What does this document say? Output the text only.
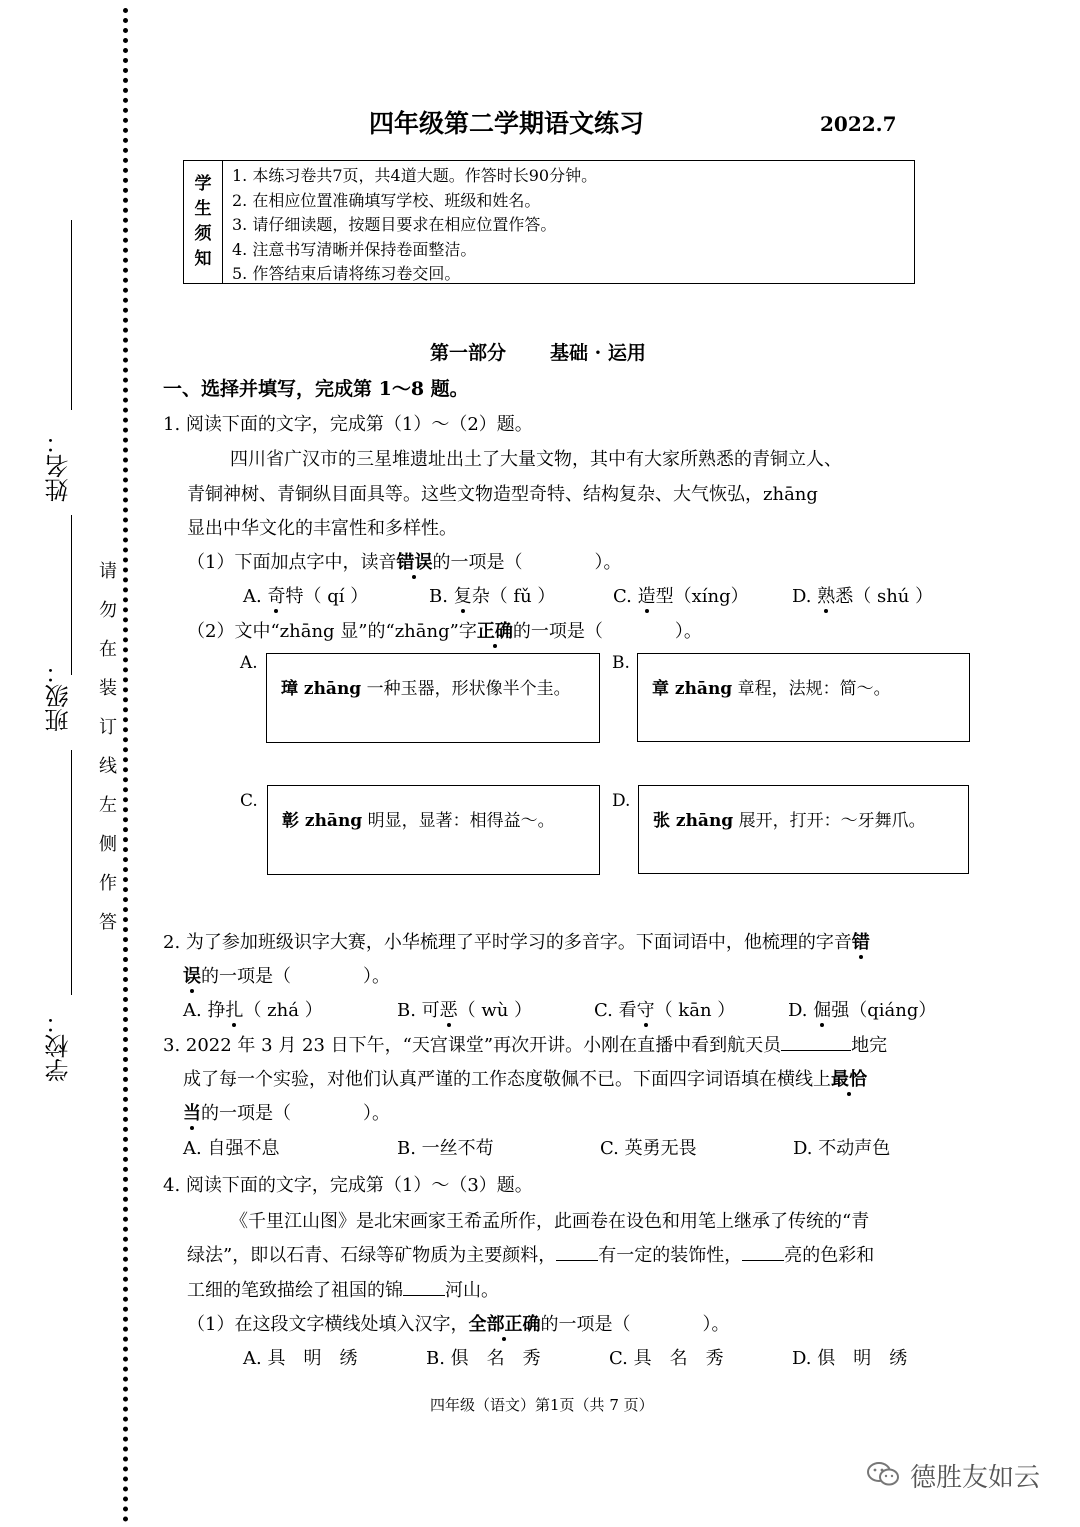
姓名：
班级：
学校：
请
勿
在
装
订
线
左
侧
作
答
四年级第二学期语文练习	2022.7
学
生
须
知
1. 本练习卷共7页，共4道大题。作答时长90分钟。
2. 在相应位置准确填写学校、班级和姓名。
3. 请仔细读题，按题目要求在相应位置作答。
4. 注意书写清晰并保持卷面整洁。
5. 作答结束后请将练习卷交回。
第一部分 基础 · 运用
一、选择并填写，完成第 1～8 题。
1. 阅读下面的文字，完成第（1）～（2）题。
四川省广汉市的三星堆遗址出土了大量文物，其中有大家所熟悉的青铜立人、
青铜神树、青铜纵目面具等。这些文物造型奇特、结构复杂、大气恢弘，zhāng
显出中华文化的丰富性和多样性。
（1）下面加点字中，读音错误的一项是（　　　　）。
A. 奇特（ qí ）	B. 复杂（ fǔ ）	C. 造型（xíng） D. 熟悉（ shú ）
（2）文中“zhāng 显”的“zhāng”字正确的一项是（　　　　）。
A.
璋 zhāng 一种玉器，形状像半个圭。
B.
章 zhāng 章程，法规：简～。
C.
彰 zhāng 明显，显著：相得益～。
D.
张 zhāng 展开，打开：～牙舞爪。
2. 为了参加班级识字大赛，小华梳理了平时学习的多音字。下面词语中，他梳理的字音错
误的一项是（　　　　）。
A. 挣扎（ zhá ）	B. 可恶（ wù ）	C. 看守（ kān ）	D. 倔强（qiáng）
3. 2022 年 3 月 23 日下午，“天宫课堂”再次开讲。小刚在直播中看到航天员	地完
成了每一个实验，对他们认真严谨的工作态度敬佩不已。下面四字词语填在横线上最恰
当的一项是（　　　　）。
A. 自强不息	B. 一丝不苟	C. 英勇无畏	D. 不动声色
4. 阅读下面的文字，完成第（1）～（3）题。
《千里江山图》是北宋画家王希孟所作，此画卷在设色和用笔上继承了传统的“青
绿法”，即以石青、石绿等矿物质为主要颜料， 有一定的装饰性， 亮的色彩和
工细的笔致描绘了祖国的锦 河山。
（1）在这段文字横线处填入汉字，全部正确的一项是（　　　　）。
A. 具　明　绣	B. 俱　名　秀	C. 具　名　秀	D. 俱　明　绣
四年级（语文）第1页（共 7 页）
德胜友如云
